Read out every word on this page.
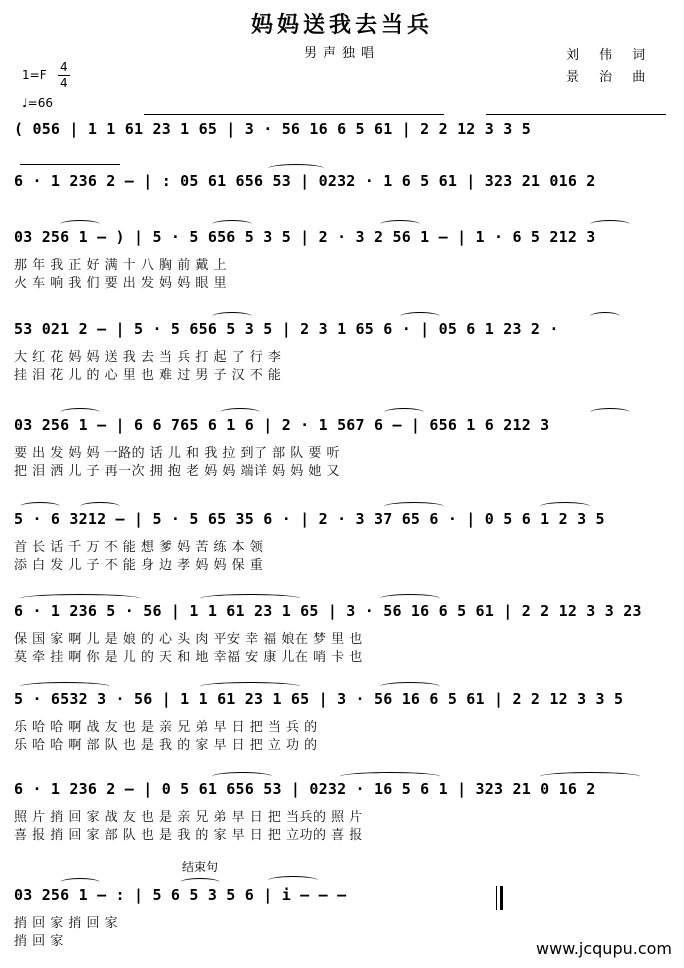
妈妈送我去当兵
男声独唱	刘 伟 词
景 治 曲
1=F
4
4
♩=66
( 056 | 1 1 61 23 1 65 | 3 · 56 16 6 5 61 | 2 2 12 3 3 5
6 · 1 236 2 — | : 05 61 656 53 | 0232 · 1 6 5 61 | 323 21 016 2
03 256 1 — ) | 5 · 5 656 5 3 5 | 2 · 3 2 56 1 — | 1 · 6 5 212 3
那 年 我 正 好 满 十 八 胸 前 戴 上
火 车 响 我 们 要 出 发 妈 妈 眼 里
53 021 2 — | 5 · 5 656 5 3 5 | 2 3 1 65 6 · | 05 6 1 23 2 ·
大 红 花 妈 妈 送 我 去 当 兵 打 起 了 行 李
挂 泪 花 儿 的 心 里 也 难 过 男 子 汉 不 能
03 256 1 — | 6 6 765 6 1 6 | 2 · 1 567 6 — | 656 1 6 212 3
要 出 发 妈 妈 一路的 话 儿 和 我 拉 到了 部 队 要 听
把 泪 洒 儿 子 再一次 拥 抱 老 妈 妈 端详 妈 妈 她 又
5 · 6 3212 — | 5 · 5 65 35 6 · | 2 · 3 37 65 6 · | 0 5 6 1 2 3 5
首 长 话 千 万 不 能 想 爹 妈 苦 练 本 领
添 白 发 儿 子 不 能 身 边 孝 妈 妈 保 重
6 · 1 236 5 · 56 | 1 1 61 23 1 65 | 3 · 56 16 6 5 61 | 2 2 12 3 3 23
保 国 家 啊 儿 是 娘 的 心 头 肉 平安 幸 福 娘在 梦 里 也
莫 牵 挂 啊 你 是 儿 的 天 和 地 幸福 安 康 儿在 哨 卡 也
5 · 6532 3 · 56 | 1 1 61 23 1 65 | 3 · 56 16 6 5 61 | 2 2 12 3 3 5
乐 哈 哈 啊 战 友 也 是 亲 兄 弟 早 日 把 当 兵 的
乐 哈 哈 啊 部 队 也 是 我 的 家 早 日 把 立 功 的
6 · 1 236 2 — | 0 5 61 656 53 | 0232 · 16 5 6 1 | 323 21 0 16 2
照 片 捎 回 家 战 友 也 是 亲 兄 弟 早 日 把 当兵的 照 片
喜 报 捎 回 家 部 队 也 是 我 的 家 早 日 把 立功的 喜 报
结束句
03 256 1 — : | 5 6 5 3 5 6 | i — — —
捎 回 家 捎 回 家
捎 回 家	www.jcqupu.com
